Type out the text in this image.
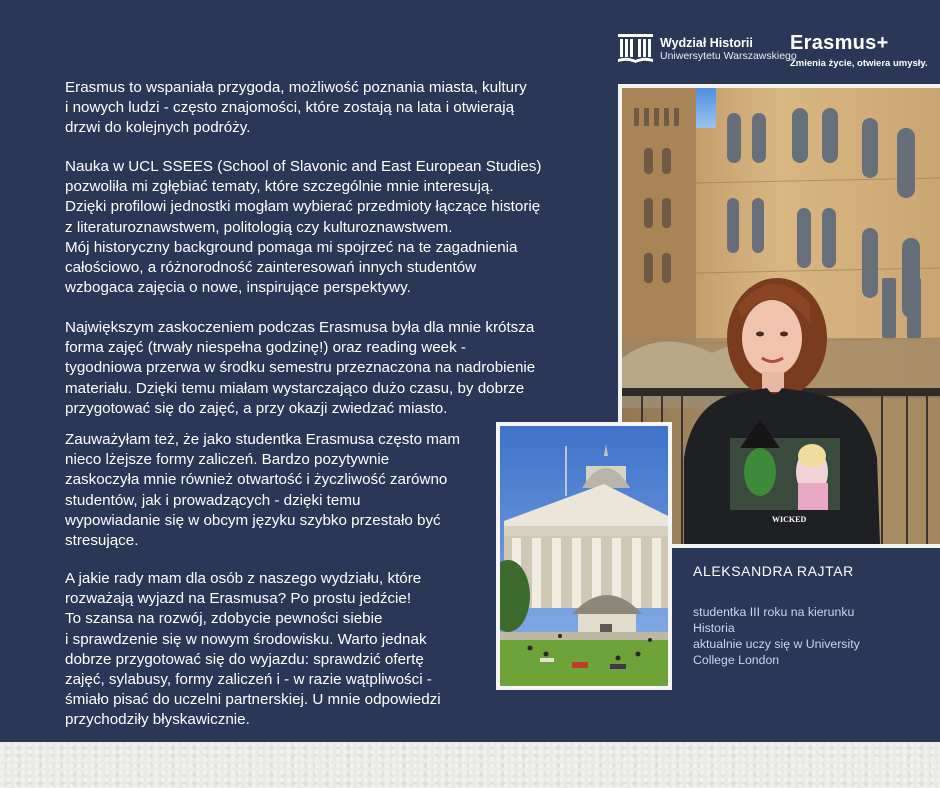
Wydział Historii
Uniwersytetu Warszawskiego
Erasmus+
Zmienia życie, otwiera umysły.

Erasmus to wspaniała przygoda, możliwość poznania miasta, kultury
i nowych ludzi - często znajomości, które zostają na lata i otwierają
drzwi do kolejnych podróży.

Nauka w UCL SSEES (School of Slavonic and East European Studies)
pozwoliła mi zgłębiać tematy, które szczególnie mnie interesują.
Dzięki profilowi jednostki mogłam wybierać przedmioty łączące historię
z literaturoznawstwem, politologią czy kulturoznawstwem.
Mój historyczny background pomaga mi spojrzeć na te zagadnienia
całościowo, a różnorodność zainteresowań innych studentów
wzbogaca zajęcia o nowe, inspirujące perspektywy.

Największym zaskoczeniem podczas Erasmusa była dla mnie krótsza
forma zajęć (trwały niespełna godzinę!) oraz reading week -
tygodniowa przerwa w środku semestru przeznaczona na nadrobienie
materiału. Dzięki temu miałam wystarczająco dużo czasu, by dobrze
przygotować się do zajęć, a przy okazji zwiedzać miasto.

Zauważyłam też, że jako studentka Erasmusa często mam
nieco lżejsze formy zaliczeń. Bardzo pozytywnie
zaskoczyła mnie również otwartość i życzliwość zarówno
studentów, jak i prowadzących - dzięki temu
wypowiadanie się w obcym języku szybko przestało być
stresujące.

A jakie rady mam dla osób z naszego wydziału, które
rozważają wyjazd na Erasmusa? Po prostu jedźcie!
To szansa na rozwój, zdobycie pewności siebie
i sprawdzenie się w nowym środowisku. Warto jednak
dobrze przygotować się do wyjazdu: sprawdzić ofertę
zajęć, sylabusy, formy zaliczeń i - w razie wątpliwości -
śmiało pisać do uczelni partnerskiej. U mnie odpowiedzi
przychodziły błyskawicznie.

WICKED
ALEKSANDRA RAJTAR
studentka III roku na kierunku
Historia
aktualnie uczy się w University
College London
